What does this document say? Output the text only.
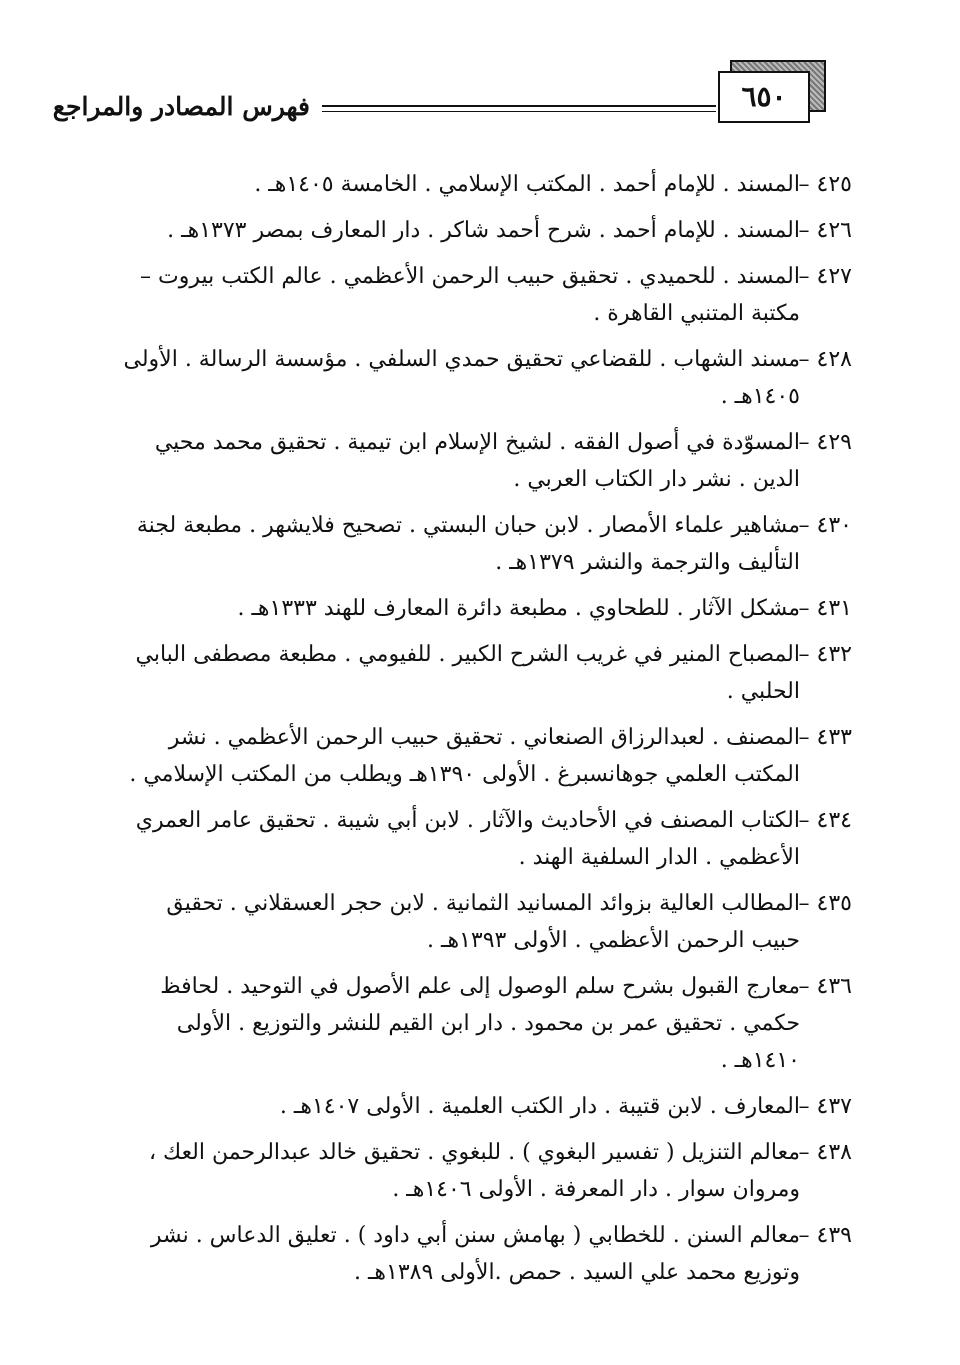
٦٥٠
فهرس المصادر والمراجع
٤٢٥ –
المسند . للإمام أحمد . المكتب الإسلامي . الخامسة ١٤٠٥هـ .
٤٢٦ –
المسند . للإمام أحمد . شرح أحمد شاكر . دار المعارف بمصر ١٣٧٣هـ .
٤٢٧ –
المسند . للحميدي . تحقيق حبيب الرحمن الأعظمي . عالم الكتب بيروت – مكتبة المتنبي القاهرة .
٤٢٨ –
مسند الشهاب . للقضاعي تحقيق حمدي السلفي . مؤسسة الرسالة . الأولى ١٤٠٥هـ .
٤٢٩ –
المسوّدة في أصول الفقه . لشيخ الإسلام ابن تيمية . تحقيق محمد محيي الدين . نشر دار الكتاب العربي .
٤٣٠ –
مشاهير علماء الأمصار . لابن حبان البستي . تصحيح فلايشهر . مطبعة لجنة التأليف والترجمة والنشر ١٣٧٩هـ .
٤٣١ –
مشكل الآثار . للطحاوي . مطبعة دائرة المعارف للهند ١٣٣٣هـ .
٤٣٢ –
المصباح المنير في غريب الشرح الكبير . للفيومي . مطبعة مصطفى البابي الحلبي .
٤٣٣ –
المصنف . لعبدالرزاق الصنعاني . تحقيق حبيب الرحمن الأعظمي . نشر المكتب العلمي جوهانسبرغ . الأولى ١٣٩٠هـ ويطلب من المكتب الإسلامي .
٤٣٤ –
الكتاب المصنف في الأحاديث والآثار . لابن أبي شيبة . تحقيق عامر العمري الأعظمي . الدار السلفية الهند .
٤٣٥ –
المطالب العالية بزوائد المسانيد الثمانية . لابن حجر العسقلاني . تحقيق حبيب الرحمن الأعظمي . الأولى ١٣٩٣هـ .
٤٣٦ –
معارج القبول بشرح سلم الوصول إلى علم الأصول في التوحيد . لحافظ حكمي . تحقيق عمر بن محمود . دار ابن القيم للنشر والتوزيع . الأولى ١٤١٠هـ .
٤٣٧ –
المعارف . لابن قتيبة . دار الكتب العلمية . الأولى ١٤٠٧هـ .
٤٣٨ –
معالم التنزيل ( تفسير البغوي ) . للبغوي . تحقيق خالد عبدالرحمن العك ، ومروان سوار . دار المعرفة . الأولى ١٤٠٦هـ .
٤٣٩ –
معالم السنن . للخطابي ( بهامش سنن أبي داود ) . تعليق الدعاس . نشر وتوزيع محمد علي السيد . حمص .الأولى ١٣٨٩هـ .
